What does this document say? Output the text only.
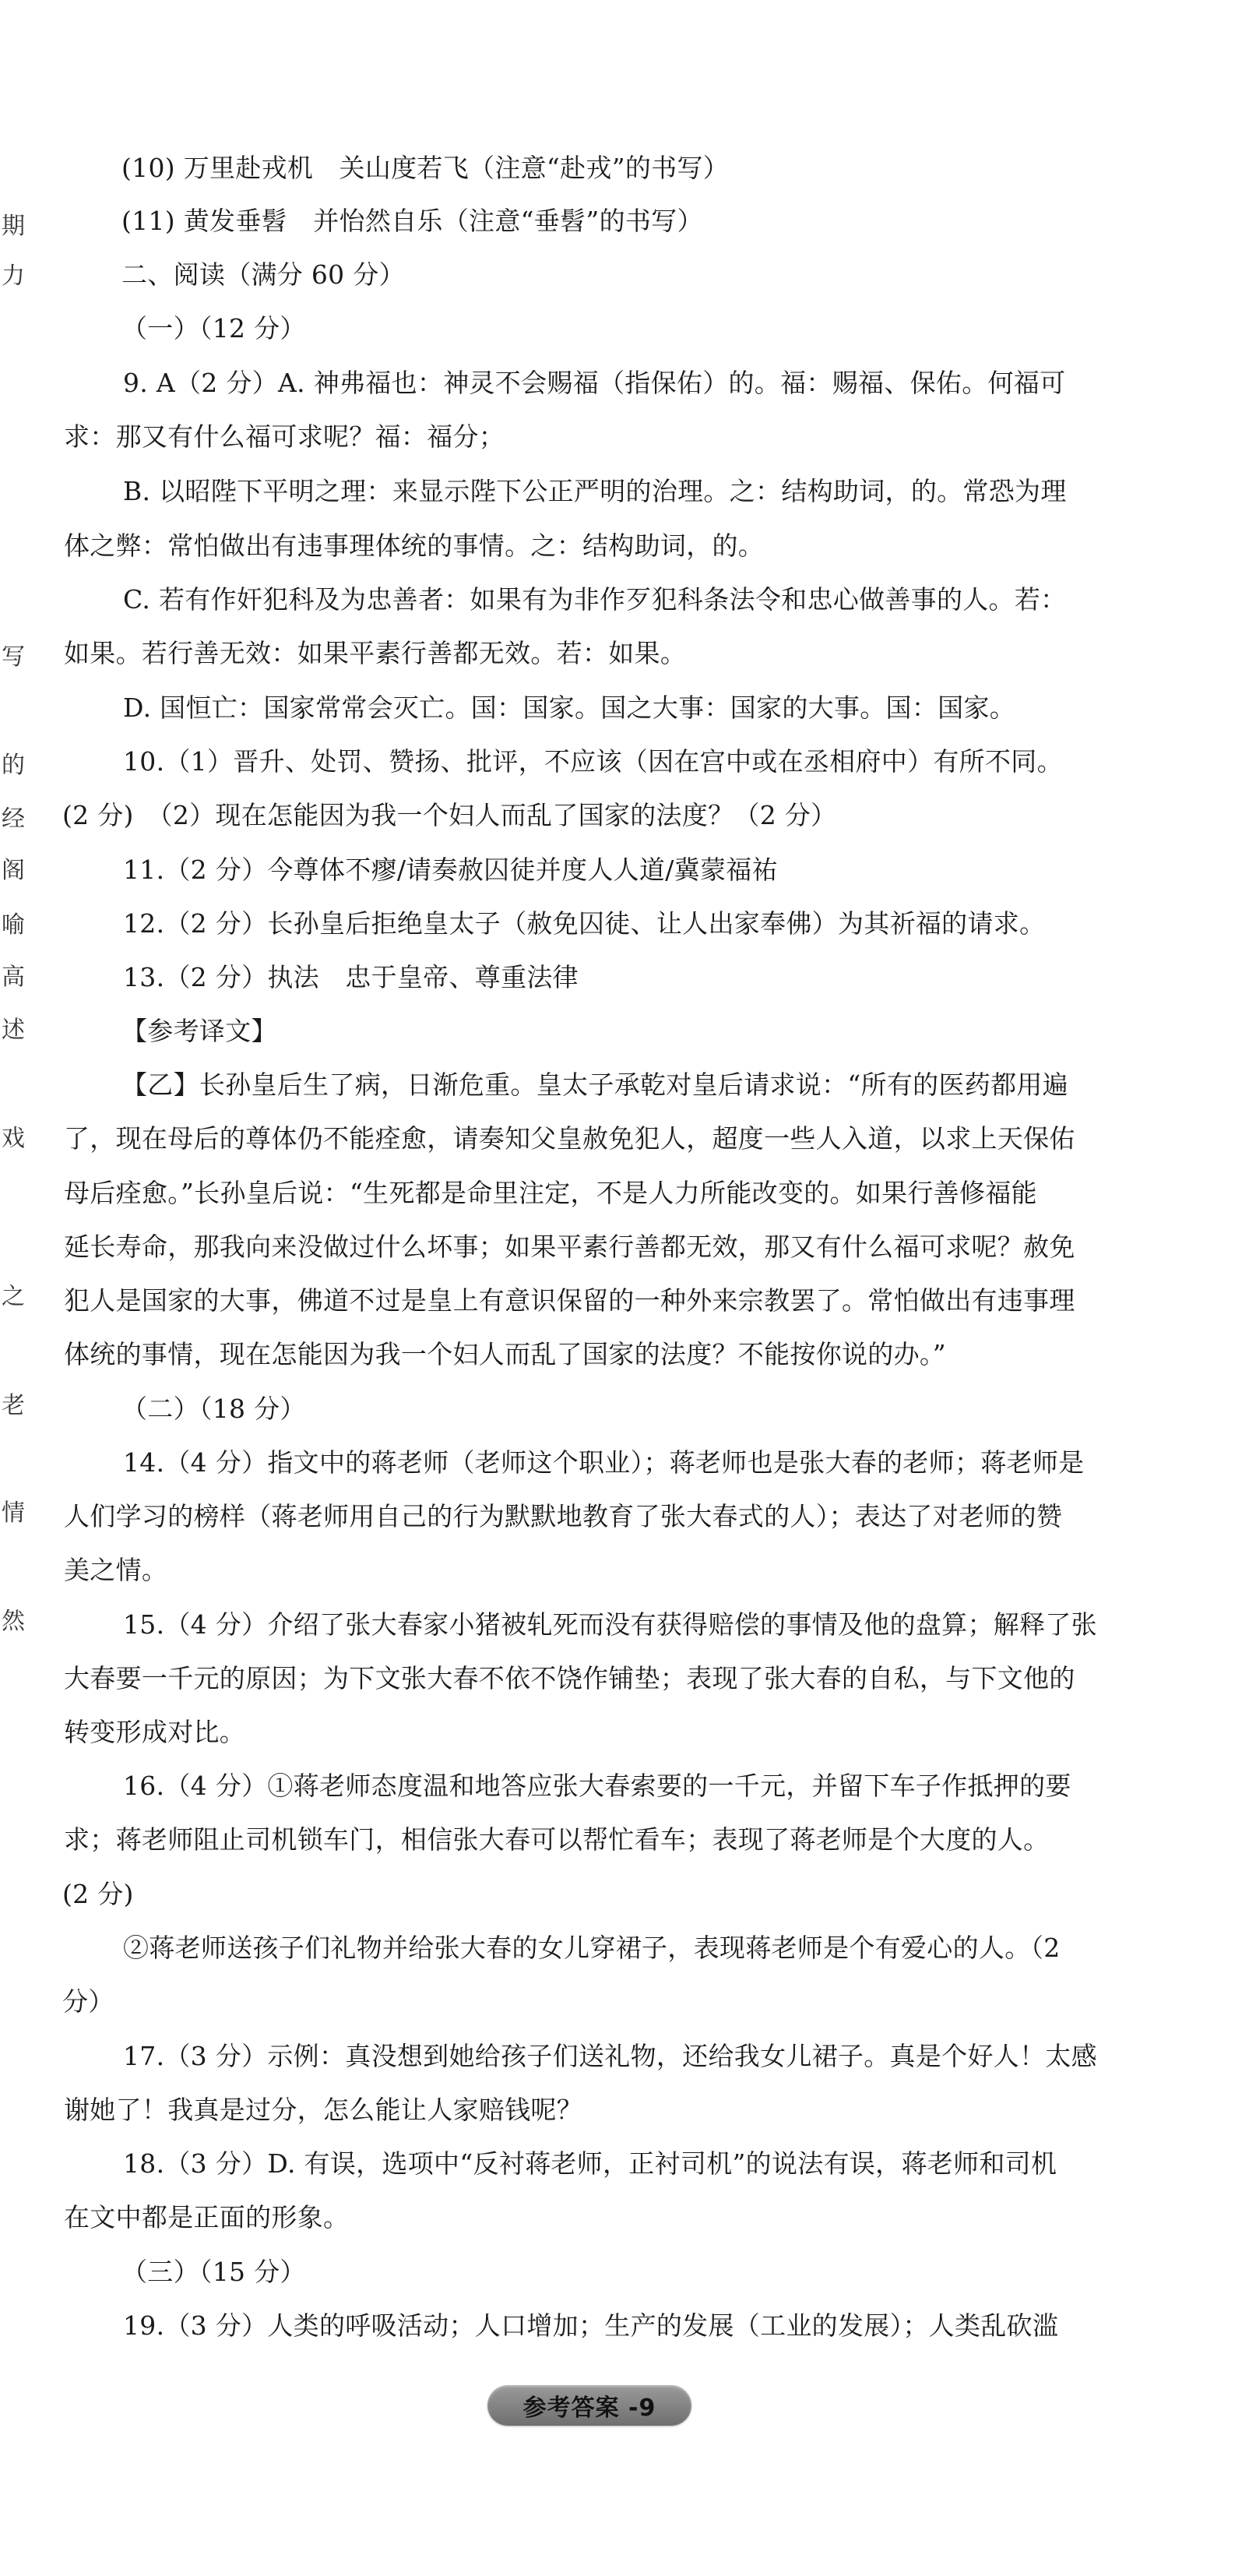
期
力
写
的
经
阁
喻
高
述
戏
之
老
情
然
(10) 万里赴戎机　关山度若飞（注意“赴戎”的书写）
(11) 黄发垂髫　并怡然自乐（注意“垂髫”的书写）
二、阅读（满分 60 分）
（一）（12 分）
9. A（2 分）A. 神弗福也：神灵不会赐福（指保佑）的。福：赐福、保佑。何福可
求：那又有什么福可求呢？福：福分；
B. 以昭陛下平明之理：来显示陛下公正严明的治理。之：结构助词，的。常恐为理
体之弊：常怕做出有违事理体统的事情。之：结构助词，的。
C. 若有作奸犯科及为忠善者：如果有为非作歹犯科条法令和忠心做善事的人。若：
如果。若行善无效：如果平素行善都无效。若：如果。
D. 国恒亡：国家常常会灭亡。国：国家。国之大事：国家的大事。国：国家。
10.（1）晋升、处罚、赞扬、批评，不应该（因在宫中或在丞相府中）有所不同。
(2 分)　（2）现在怎能因为我一个妇人而乱了国家的法度？（2 分）
11.（2 分）今尊体不瘳/请奏赦囚徒并度人人道/冀蒙福祐
12.（2 分）长孙皇后拒绝皇太子（赦免囚徒、让人出家奉佛）为其祈福的请求。
13.（2 分）执法　忠于皇帝、尊重法律
【参考译文】
【乙】长孙皇后生了病，日渐危重。皇太子承乾对皇后请求说：“所有的医药都用遍
了，现在母后的尊体仍不能痊愈，请奏知父皇赦免犯人，超度一些人入道，以求上天保佑
母后痊愈。”长孙皇后说：“生死都是命里注定，不是人力所能改变的。如果行善修福能
延长寿命，那我向来没做过什么坏事；如果平素行善都无效，那又有什么福可求呢？赦免
犯人是国家的大事，佛道不过是皇上有意识保留的一种外来宗教罢了。常怕做出有违事理
体统的事情，现在怎能因为我一个妇人而乱了国家的法度？不能按你说的办。”
（二）（18 分）
14.（4 分）指文中的蒋老师（老师这个职业）；蒋老师也是张大春的老师；蒋老师是
人们学习的榜样（蒋老师用自己的行为默默地教育了张大春式的人）；表达了对老师的赞
美之情。
15.（4 分）介绍了张大春家小猪被轧死而没有获得赔偿的事情及他的盘算；解释了张
大春要一千元的原因；为下文张大春不依不饶作铺垫；表现了张大春的自私，与下文他的
转变形成对比。
16.（4 分）①蒋老师态度温和地答应张大春索要的一千元，并留下车子作抵押的要
求；蒋老师阻止司机锁车门，相信张大春可以帮忙看车；表现了蒋老师是个大度的人。
(2 分)
②蒋老师送孩子们礼物并给张大春的女儿穿裙子，表现蒋老师是个有爱心的人。（2
分）
17.（3 分）示例：真没想到她给孩子们送礼物，还给我女儿裙子。真是个好人！太感
谢她了！我真是过分，怎么能让人家赔钱呢？
18.（3 分）D. 有误，选项中“反衬蒋老师，正衬司机”的说法有误，蒋老师和司机
在文中都是正面的形象。
（三）（15 分）
19.（3 分）人类的呼吸活动；人口增加；生产的发展（工业的发展）；人类乱砍滥
参考答案 -9
